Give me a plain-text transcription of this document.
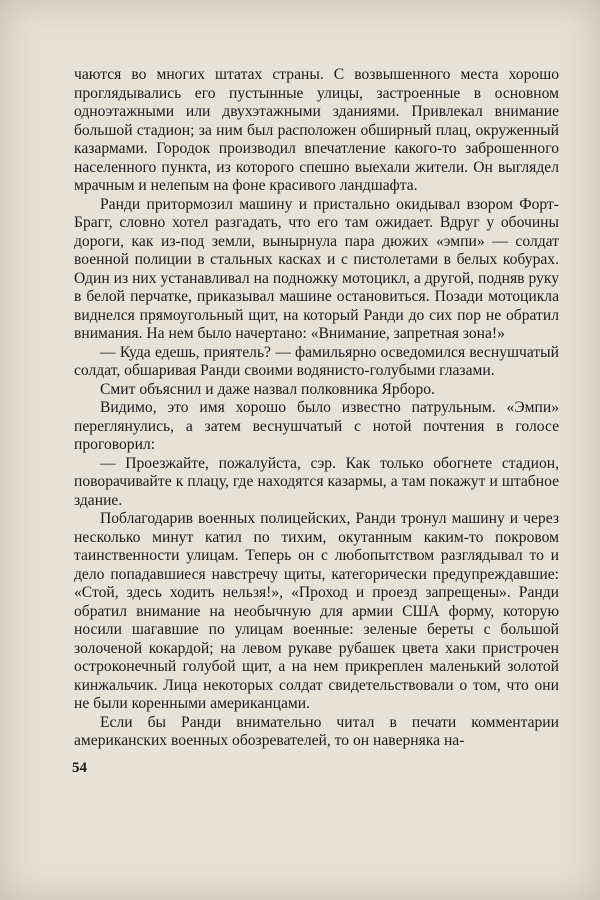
чаются во многих штатах страны. С возвышенного места хорошо проглядывались его пустынные улицы, застроенные в основном одноэтажными или двухэтажными зданиями. Привлекал внимание большой стадион; за ним был расположен обширный плац, окруженный казармами. Городок производил впечатление какого-то заброшенного населенного пункта, из которого спешно выехали жители. Он выглядел мрачным и нелепым на фоне красивого ландшафта.

Ранди притормозил машину и пристально окидывал взором Форт-Брагг, словно хотел разгадать, что его там ожидает. Вдруг у обочины дороги, как из-под земли, вынырнула пара дюжих «эмпи» — солдат военной полиции в стальных касках и с пистолетами в белых кобурах. Один из них устанавливал на подножку мотоцикл, а другой, подняв руку в белой перчатке, приказывал машине остановиться. Позади мотоцикла виднелся прямоугольный щит, на который Ранди до сих пор не обратил внимания. На нем было начертано: «Внимание, запретная зона!»

— Куда едешь, приятель? — фамильярно осведомился веснушчатый солдат, обшаривая Ранди своими водянисто-голубыми глазами.

Смит объяснил и даже назвал полковника Ярборо.

Видимо, это имя хорошо было известно патрульным. «Эмпи» переглянулись, а затем веснушчатый с нотой почтения в голосе проговорил:

— Проезжайте, пожалуйста, сэр. Как только обогнете стадион, поворачивайте к плацу, где находятся казармы, а там покажут и штабное здание.

Поблагодарив военных полицейских, Ранди тронул машину и через несколько минут катил по тихим, окутанным каким-то покровом таинственности улицам. Теперь он с любопытством разглядывал то и дело попадавшиеся навстречу щиты, категорически предупреждавшие: «Стой, здесь ходить нельзя!», «Проход и проезд запрещены». Ранди обратил внимание на необычную для армии США форму, которую носили шагавшие по улицам военные: зеленые береты с большой золоченой кокардой; на левом рукаве рубашек цвета хаки пристрочен остроконечный голубой щит, а на нем прикреплен маленький золотой кинжальчик. Лица некоторых солдат свидетельствовали о том, что они не были коренными американцами.

Если бы Ранди внимательно читал в печати комментарии американских военных обозревателей, то он наверняка на-

54
